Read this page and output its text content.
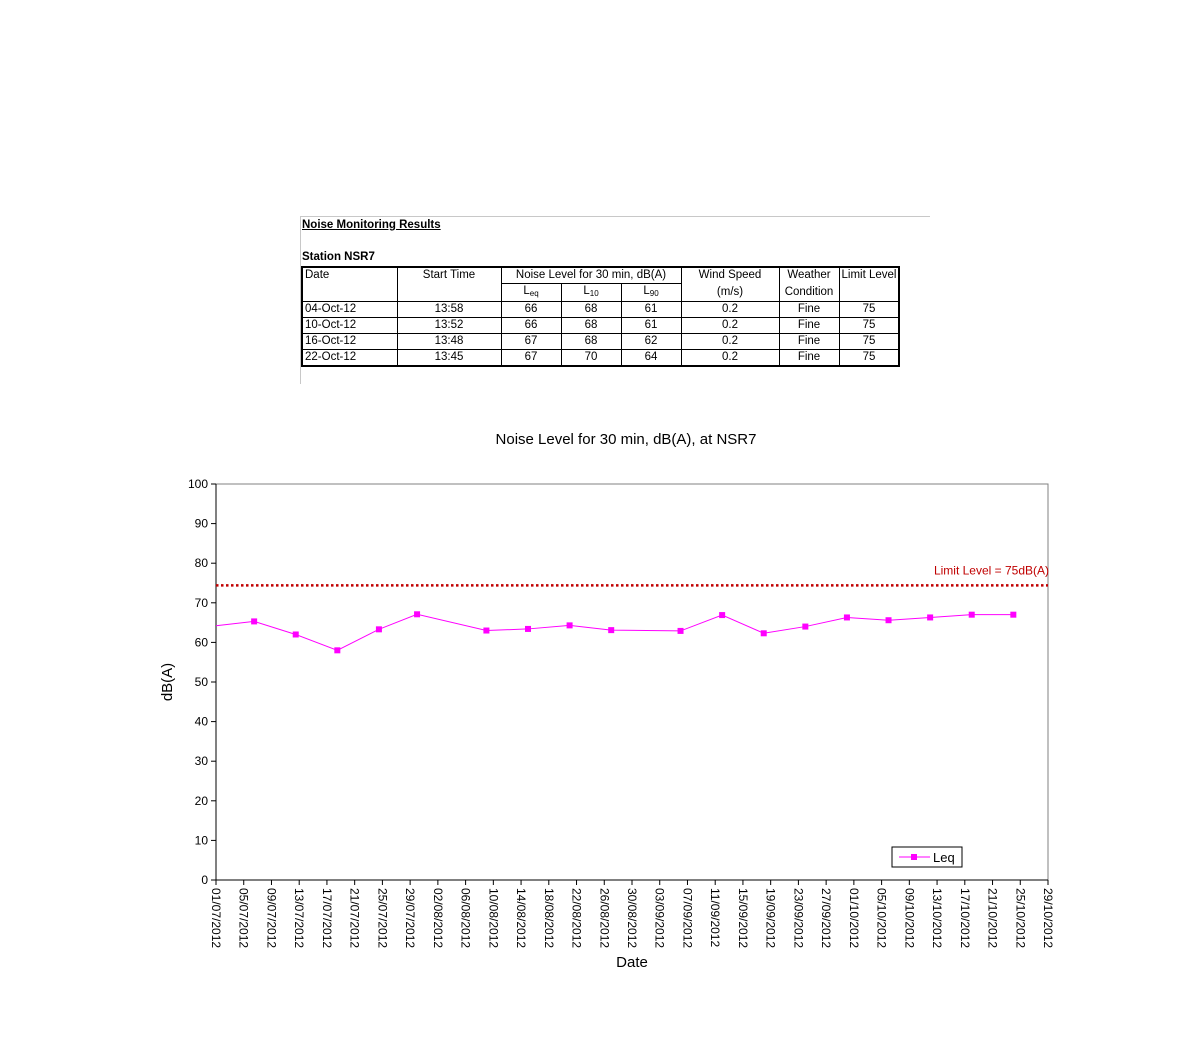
Noise Monitoring Results
Station NSR7
Date	Start Time	Noise Level for 30 min, dB(A)			Wind Speed	Weather	Limit Level
		$L_{eq}$	$L_{10}$	$L_{90}$	(m/s)	Condition	
04-Oct-12	13:58	66	68	61	0.2	Fine	75
10-Oct-12	13:52	66	68	61	0.2	Fine	75
16-Oct-12	13:48	67	68	62	0.2	Fine	75
22-Oct-12	13:45	67	70	64	0.2	Fine	75
Noise Level for 30 min, dB(A), at NSR7
0
10
20
30
40
50
60
70
80
90
100
01/07/2012 05/07/2012 09/07/2012 13/07/2012 17/07/2012 21/07/2012 25/07/2012 29/07/2012 02/08/2012 06/08/2012 10/08/2012 14/08/2012 18/08/2012 22/08/2012 26/08/2012 30/08/2012 03/09/2012 07/09/2012 11/09/2012 15/09/2012 19/09/2012 23/09/2012 27/09/2012 01/10/2012 05/10/2012 09/10/2012 13/10/2012 17/10/2012 21/10/2012 25/10/2012 29/10/2012
Date
dB(A)
Limit Level = 75dB(A)
Leq
